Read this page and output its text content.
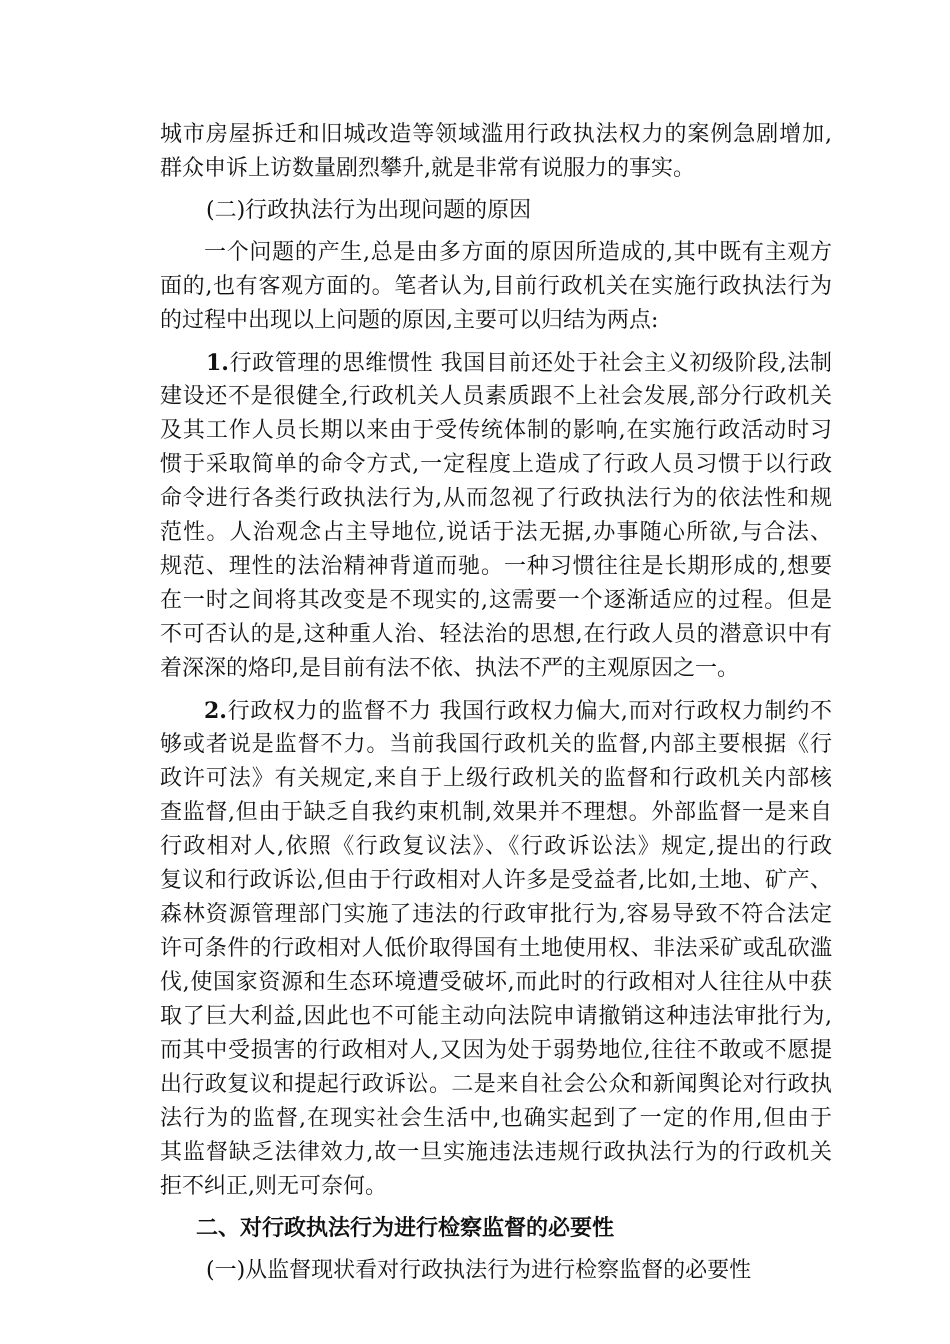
城市房屋拆迁和旧城改造等领域滥用行政执法权力的案例急剧增加,
群众申诉上访数量剧烈攀升,就是非常有说服力的事实。
(二)行政执法行为出现问题的原因
一个问题的产生,总是由多方面的原因所造成的,其中既有主观方
面的,也有客观方面的。笔者认为,目前行政机关在实施行政执法行为
的过程中出现以上问题的原因,主要可以归结为两点:
1.行政管理的思维惯性 我国目前还处于社会主义初级阶段,法制
建设还不是很健全,行政机关人员素质跟不上社会发展,部分行政机关
及其工作人员长期以来由于受传统体制的影响,在实施行政活动时习
惯于采取简单的命令方式,一定程度上造成了行政人员习惯于以行政
命令进行各类行政执法行为,从而忽视了行政执法行为的依法性和规
范性。人治观念占主导地位,说话于法无据,办事随心所欲,与合法、
规范、理性的法治精神背道而驰。一种习惯往往是长期形成的,想要
在一时之间将其改变是不现实的,这需要一个逐渐适应的过程。但是
不可否认的是,这种重人治、轻法治的思想,在行政人员的潜意识中有
着深深的烙印,是目前有法不依、执法不严的主观原因之一。
2.行政权力的监督不力 我国行政权力偏大,而对行政权力制约不
够或者说是监督不力。当前我国行政机关的监督,内部主要根据《行
政许可法》有关规定,来自于上级行政机关的监督和行政机关内部核
查监督,但由于缺乏自我约束机制,效果并不理想。外部监督一是来自
行政相对人,依照《行政复议法》、《行政诉讼法》规定,提出的行政
复议和行政诉讼,但由于行政相对人许多是受益者,比如,土地、矿产、
森林资源管理部门实施了违法的行政审批行为,容易导致不符合法定
许可条件的行政相对人低价取得国有土地使用权、非法采矿或乱砍滥
伐,使国家资源和生态环境遭受破坏,而此时的行政相对人往往从中获
取了巨大利益,因此也不可能主动向法院申请撤销这种违法审批行为,
而其中受损害的行政相对人,又因为处于弱势地位,往往不敢或不愿提
出行政复议和提起行政诉讼。二是来自社会公众和新闻舆论对行政执
法行为的监督,在现实社会生活中,也确实起到了一定的作用,但由于
其监督缺乏法律效力,故一旦实施违法违规行政执法行为的行政机关
拒不纠正,则无可奈何。
二、对行政执法行为进行检察监督的必要性
(一)从监督现状看对行政执法行为进行检察监督的必要性
